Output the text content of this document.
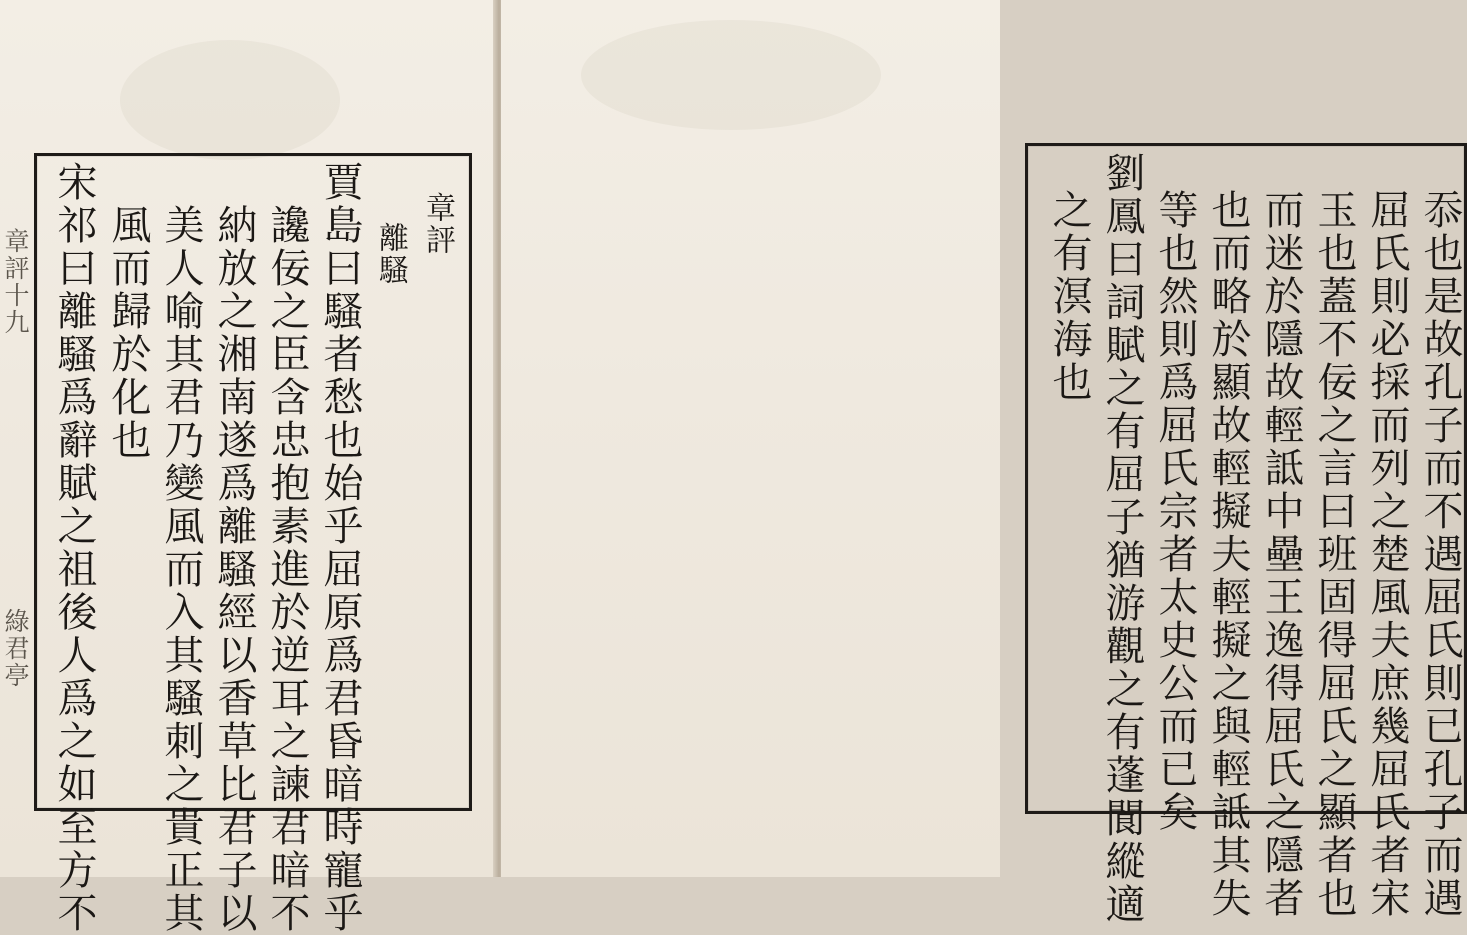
章評十九
綠君亭
章評
離騷
賈島曰騷者愁也始乎屈原爲君昏暗時寵乎
讒佞之臣含忠抱素進於逆耳之諫君暗不
納放之湘南遂爲離騷經以香草比君子以
美人喻其君乃變風而入其騷刺之貴正其
風而歸於化也
宋祁曰離騷爲辭賦之祖後人爲之如至方不	忝也是故孔子而不遇屈氏則已孔子而遇
屈氏則必採而列之楚風夫庶幾屈氏者宋
玉也蓋不佞之言曰班固得屈氏之顯者也
而迷於隱故輕詆中壘王逸得屈氏之隱者
也而略於顯故輕擬夫輕擬之與輕詆其失
等也然則爲屈氏宗者太史公而已矣
劉鳳曰詞賦之有屈子猶游觀之有蓬閬縱適
之有溟海也
